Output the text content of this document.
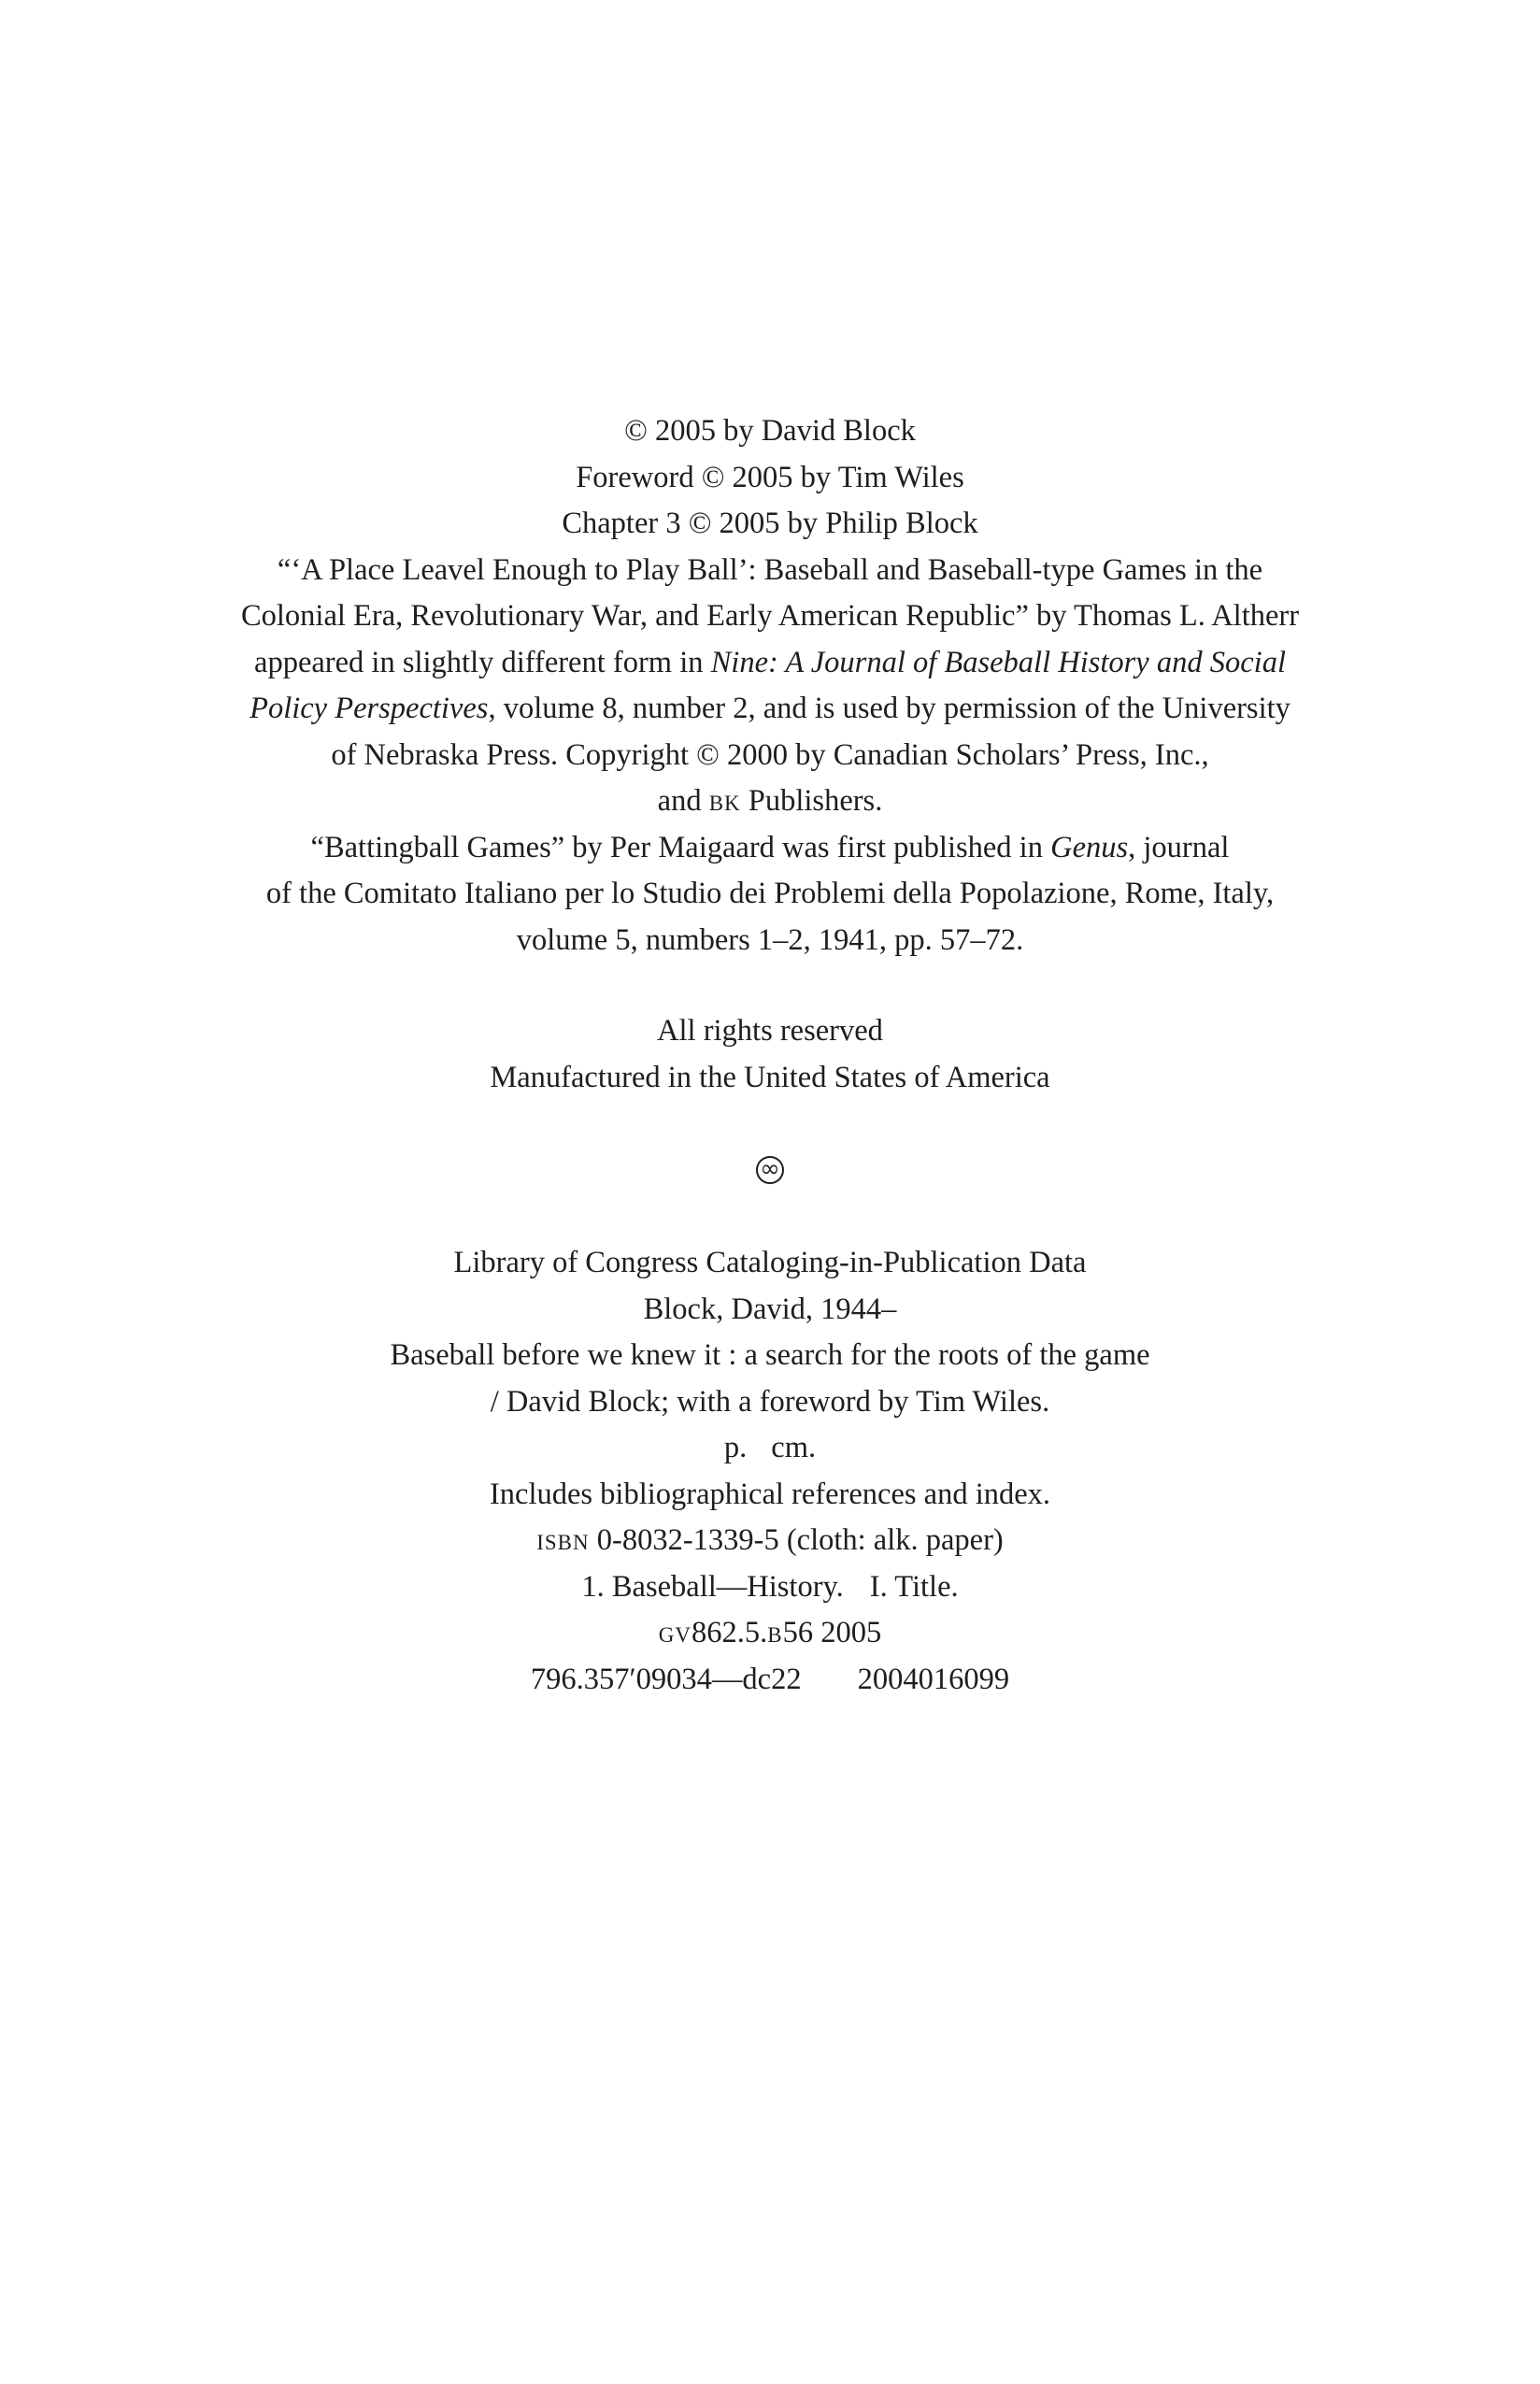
© 2005 by David Block
Foreword © 2005 by Tim Wiles
Chapter 3 © 2005 by Philip Block
“‘A Place Leavel Enough to Play Ball’: Baseball and Baseball-type Games in the
Colonial Era, Revolutionary War, and Early American Republic” by Thomas L. Altherr
appeared in slightly different form in Nine: A Journal of Baseball History and Social
Policy Perspectives, volume 8, number 2, and is used by permission of the University
of Nebraska Press. Copyright © 2000 by Canadian Scholars’ Press, Inc.,
and bk Publishers.
“Battingball Games” by Per Maigaard was first published in Genus, journal
of the Comitato Italiano per lo Studio dei Problemi della Popolazione, Rome, Italy,
volume 5, numbers 1–2, 1941, pp. 57–72.
All rights reserved
Manufactured in the United States of America
∞
Library of Congress Cataloging-in-Publication Data
Block, David, 1944–
Baseball before we knew it : a search for the roots of the game
/ David Block; with a foreword by Tim Wiles.
p. cm.
Includes bibliographical references and index.
isbn 0-8032-1339-5 (cloth: alk. paper)
1. Baseball—History. I. Title.
gv862.5.b56 2005
796.357′09034—dc22 2004016099
